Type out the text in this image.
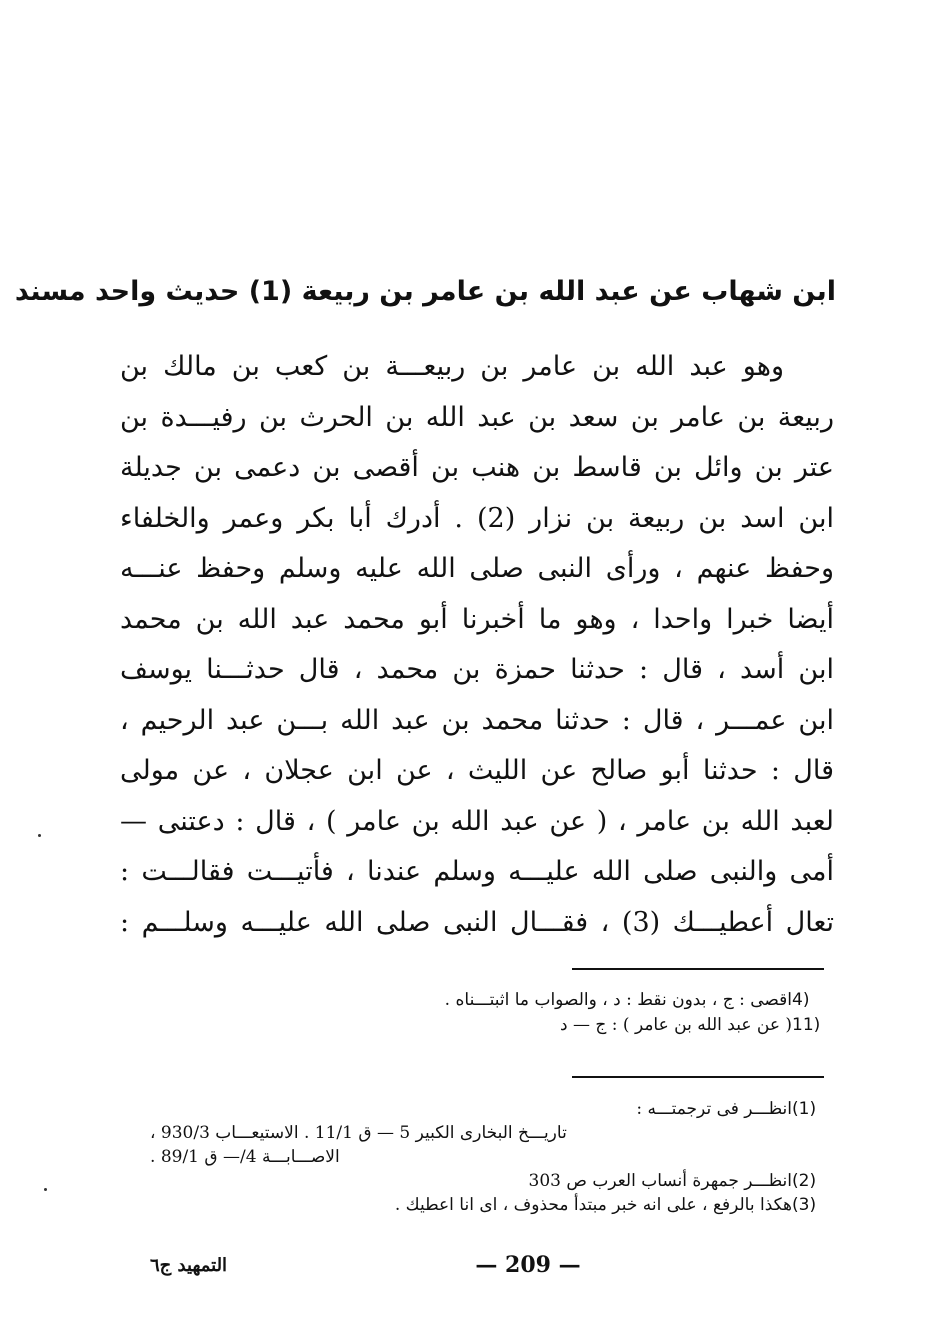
ابن شهاب عن عبد الله بن عامر بن ربيعة (1) حديث واحد مسند
وهو عبد الله بن عامر بن ربيعـــة بن كعب بن مالك بن
ربيعة بن عامر بن سعد بن عبد الله بن الحرث بن رفيـــدة بن
عتر بن وائل بن قاسط بن هنب بن أقصى بن دعمى بن جديلة
ابن اسد بن ربيعة بن نزار (2) . أدرك أبا بكر وعمر والخلفاء
وحفظ عنهم ، ورأى النبى صلى الله عليه وسلم وحفظ عنـــه
أيضا خبرا واحدا ، وهو ما أخبرنا أبو محمد عبد الله بن محمد
ابن أسد ، قال : حدثنا حمزة بن محمد ، قال حدثـــنا يوسف
ابن عمـــر ، قال : حدثنا محمد بن عبد الله بـــن عبد الرحيم ،
قال : حدثنا أبو صالح عن الليث ، عن ابن عجلان ، عن مولى
لعبد الله بن عامر ، ( عن عبد الله بن عامر ) ، قال : دعتنى —
أمى والنبى صلى الله عليـــه وسلم عندنا ، فأتيـــت فقالـــت :
تعال أعطيـــك (3) ، فقـــال النبى صلى الله عليـــه وسلـــم :
4)
اقصى : ج ، بدون نقط : د ، والصواب ما اثبتـــناه .
11)
( عن عبد الله بن عامر ) : ج — د
(1)
انظـــر فى ترجمتـــه :
تاريـــخ البخارى الكبير 5 — ق 11/1 . الاستيعـــاب 930/3 ،
الاصـــابـــة 4/— ق 89/1 .
(2)
انظـــر جمهرة أنساب العرب ص 303
(3)
هكذا بالرفع ، على انه خبر مبتدأ محذوف ، اى انا اعطيك .
— 209 —
التمهيد ج٦
